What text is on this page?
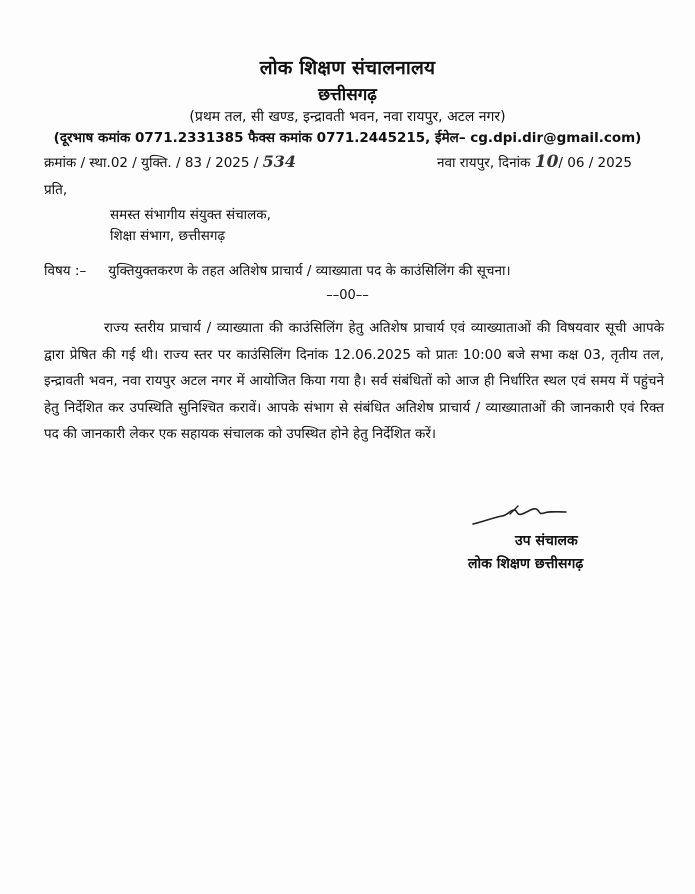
लोक शिक्षण संचालनालय
छत्तीसगढ़
(प्रथम तल, सी खण्ड, इन्द्रावती भवन, नवा रायपुर, अटल नगर)
(दूरभाष कमांक 0771.2331385 फैक्स कमांक 0771.2445215, ईमेल– cg.dpi.dir@gmail.com)
क्रमांक / स्था.02 / युक्ति. / 83 / 2025 / 534	नवा रायपुर, दिनांक 10/ 06 / 2025
प्रति,
समस्त संभागीय संयुक्त संचालक,
शिक्षा संभाग, छत्तीसगढ़
विषय :– युक्तियुक्तकरण के तहत अतिशेष प्राचार्य / व्याख्याता पद के काउंसिलिंग की सूचना।
––00––
राज्य स्तरीय प्राचार्य / व्याख्याता की काउंसिलिंग हेतु अतिशेष प्राचार्य एवं व्याख्याताओं की विषयवार सूची आपके द्वारा प्रेषित की गई थी। राज्य स्तर पर काउंसिलिंग दिनांक 12.06.2025 को प्रातः 10:00 बजे सभा कक्ष 03, तृतीय तल, इन्द्रावती भवन, नवा रायपुर अटल नगर में आयोजित किया गया है। सर्व संबंधितों को आज ही निर्धारित स्थल एवं समय में पहुंचने हेतु निर्देशित कर उपस्थिति सुनिश्चित करावें। आपके संभाग से संबंधित अतिशेष प्राचार्य / व्याख्याताओं की जानकारी एवं रिक्त पद की जानकारी लेकर एक सहायक संचालक को उपस्थित होने हेतु निर्देशित करें।
उप संचालक
लोक शिक्षण छत्तीसगढ़
